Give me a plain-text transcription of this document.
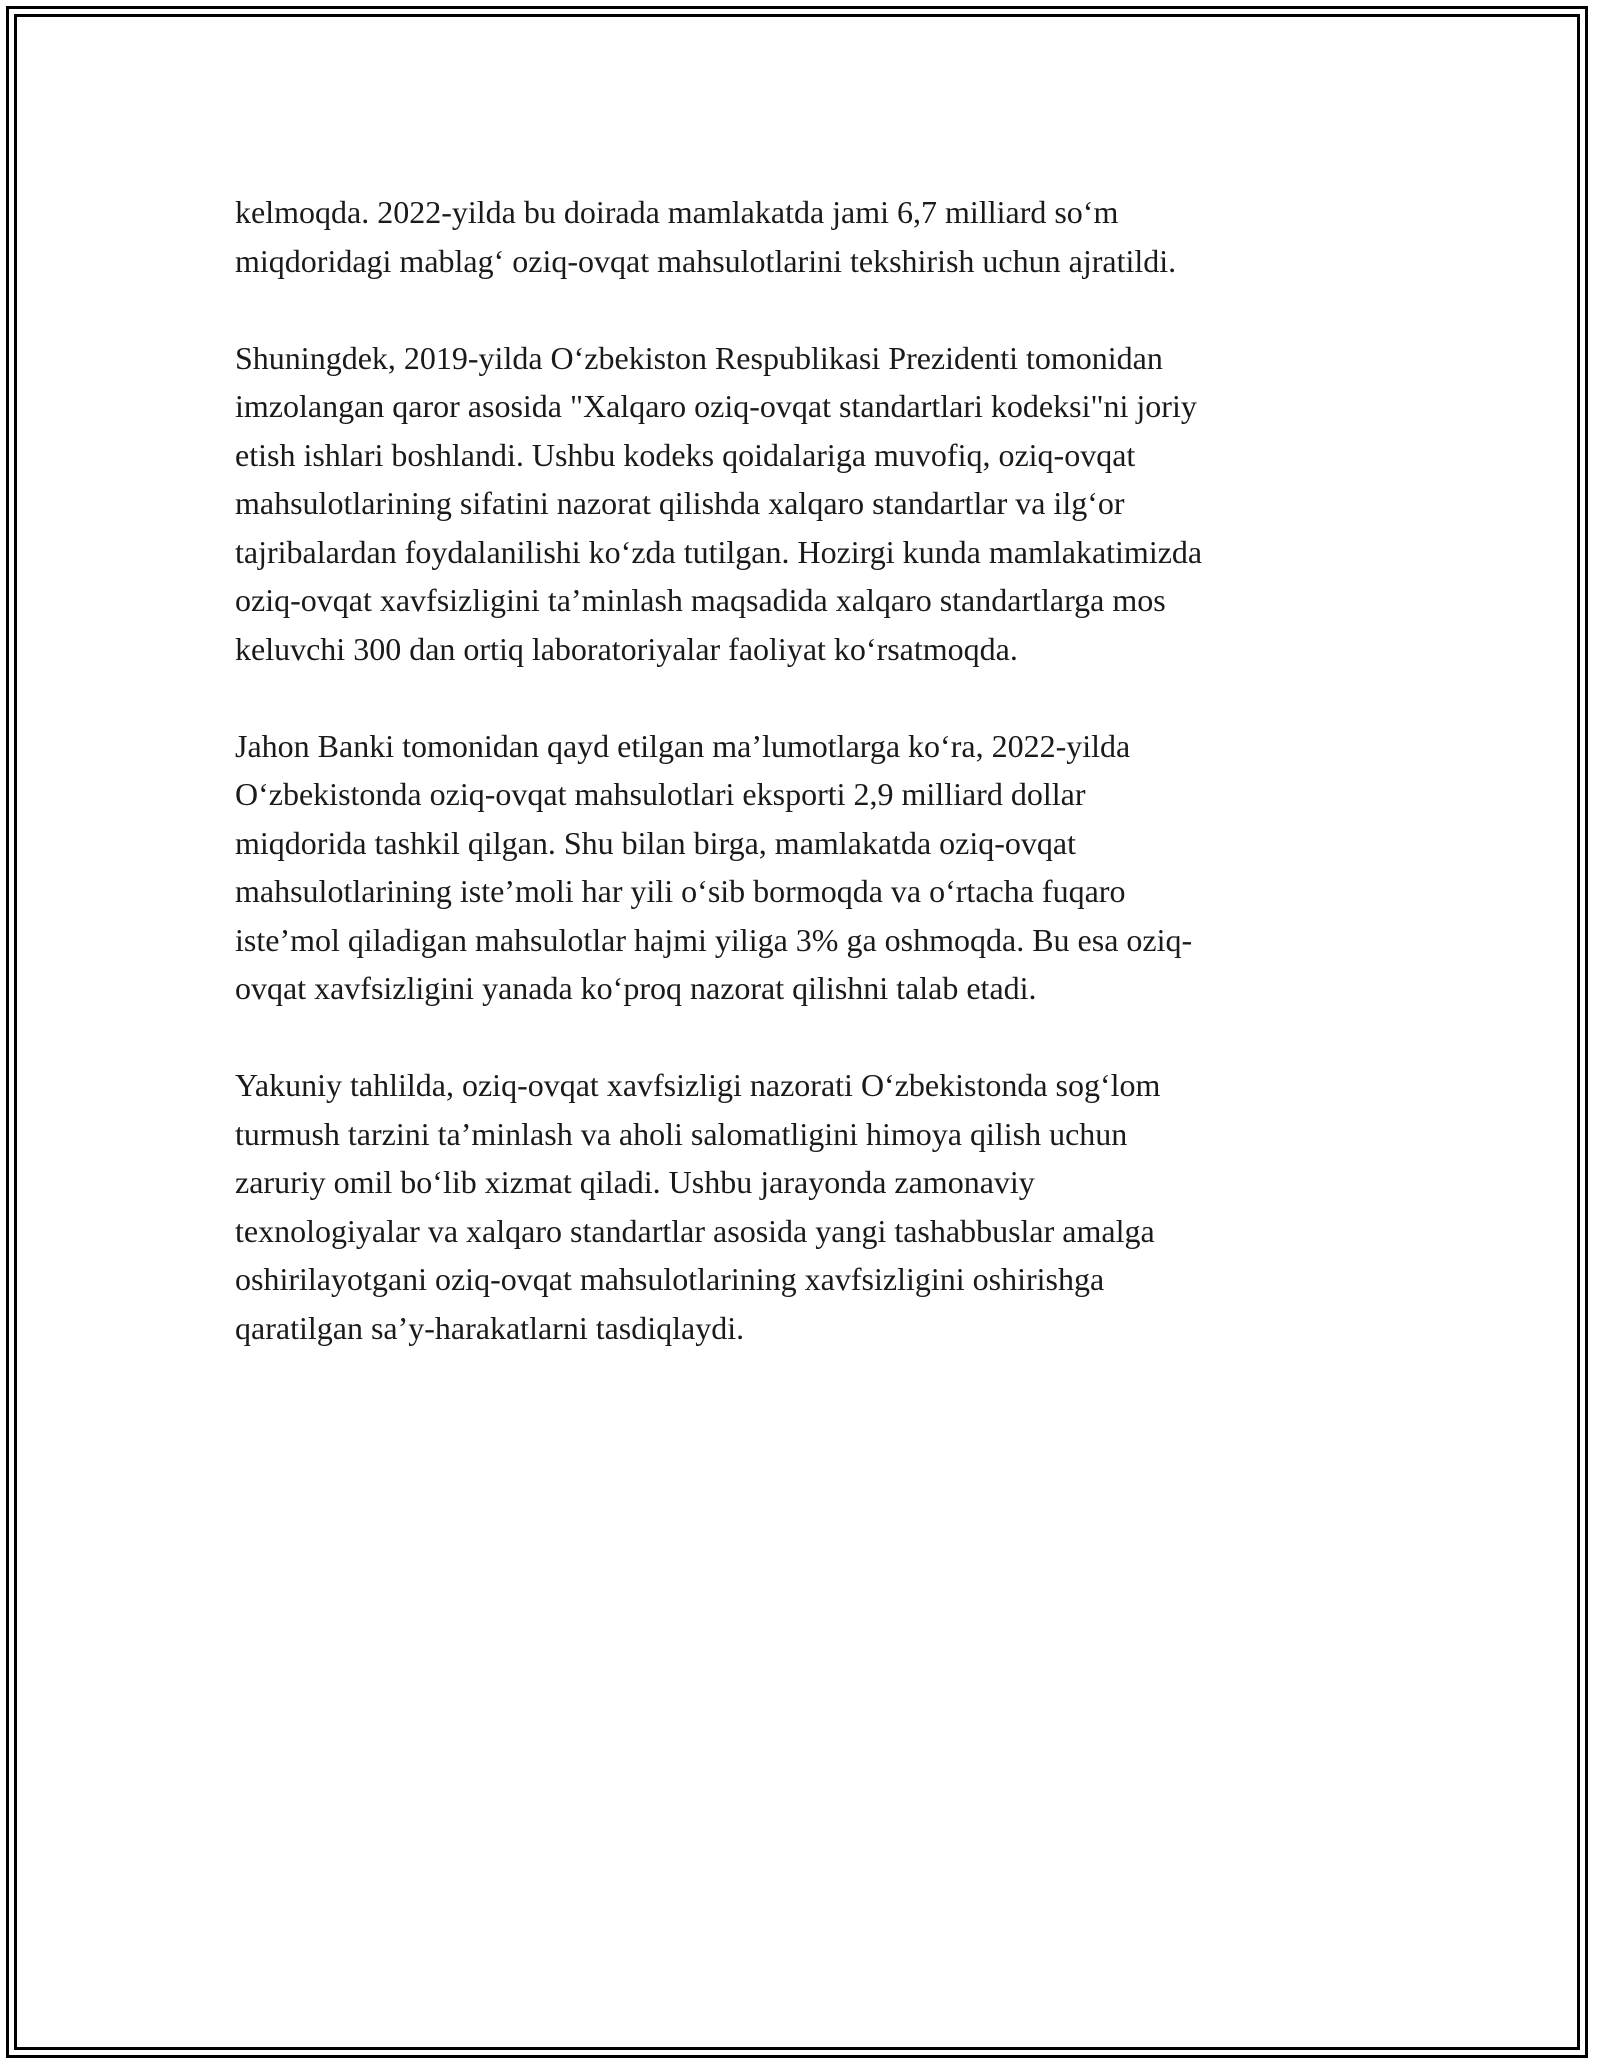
kelmoqda. 2022-yilda bu doirada mamlakatda jami 6,7 milliard so‘m
miqdoridagi mablag‘ oziq-ovqat mahsulotlarini tekshirish uchun ajratildi.

Shuningdek, 2019-yilda O‘zbekiston Respublikasi Prezidenti tomonidan
imzolangan qaror asosida "Xalqaro oziq-ovqat standartlari kodeksi"ni joriy
etish ishlari boshlandi. Ushbu kodeks qoidalariga muvofiq, oziq-ovqat
mahsulotlarining sifatini nazorat qilishda xalqaro standartlar va ilg‘or
tajribalardan foydalanilishi ko‘zda tutilgan. Hozirgi kunda mamlakatimizda
oziq-ovqat xavfsizligini ta’minlash maqsadida xalqaro standartlarga mos
keluvchi 300 dan ortiq laboratoriyalar faoliyat ko‘rsatmoqda.

Jahon Banki tomonidan qayd etilgan ma’lumotlarga ko‘ra, 2022-yilda
O‘zbekistonda oziq-ovqat mahsulotlari eksporti 2,9 milliard dollar
miqdorida tashkil qilgan. Shu bilan birga, mamlakatda oziq-ovqat
mahsulotlarining iste’moli har yili o‘sib bormoqda va o‘rtacha fuqaro
iste’mol qiladigan mahsulotlar hajmi yiliga 3% ga oshmoqda. Bu esa oziq-
ovqat xavfsizligini yanada ko‘proq nazorat qilishni talab etadi.

Yakuniy tahlilda, oziq-ovqat xavfsizligi nazorati O‘zbekistonda sog‘lom
turmush tarzini ta’minlash va aholi salomatligini himoya qilish uchun
zaruriy omil bo‘lib xizmat qiladi. Ushbu jarayonda zamonaviy
texnologiyalar va xalqaro standartlar asosida yangi tashabbuslar amalga
oshirilayotgani oziq-ovqat mahsulotlarining xavfsizligini oshirishga
qaratilgan sa’y-harakatlarni tasdiqlaydi.
